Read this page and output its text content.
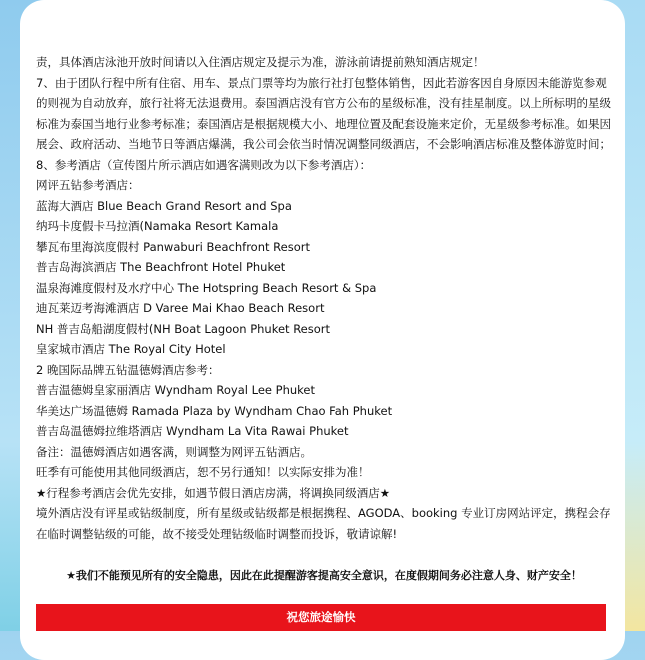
责，具体酒店泳池开放时间请以入住酒店规定及提示为准，游泳前请提前熟知酒店规定！

7、由于团队行程中所有住宿、用车、景点门票等均为旅行社打包整体销售，因此若游客因自身原因未能游览参观的则视为自动放弃，旅行社将无法退费用。泰国酒店没有官方公布的星级标准，没有挂星制度。以上所标明的星级标准为泰国当地行业参考标准；泰国酒店是根据规模大小、地理位置及配套设施来定价，无星级参考标准。如果因展会、政府活动、当地节日等酒店爆满，我公司会依当时情况调整同级酒店，不会影响酒店标准及整体游览时间；

8、参考酒店（宣传图片所示酒店如遇客满则改为以下参考酒店）：

网评五钻参考酒店：

蓝海大酒店 Blue Beach Grand Resort and Spa

纳玛卡度假卡马拉酒(Namaka Resort Kamala

攀瓦布里海滨度假村 Panwaburi Beachfront Resort

普吉岛海滨酒店 The Beachfront Hotel Phuket

温泉海滩度假村及水疗中心 The Hotspring Beach Resort & Spa

迪瓦莱迈考海滩酒店 D Varee Mai Khao Beach Resort

NH 普吉岛船湖度假村(NH Boat Lagoon Phuket Resort

皇家城市酒店 The Royal City Hotel

2 晚国际品牌五钻温德姆酒店参考：

普吉温德姆皇家丽酒店 Wyndham Royal Lee Phuket

华美达广场温德姆 Ramada Plaza by Wyndham Chao Fah Phuket

普吉岛温德姆拉维塔酒店 Wyndham La Vita Rawai Phuket

备注：温德姆酒店如遇客满，则调整为网评五钻酒店。

旺季有可能使用其他同级酒店，恕不另行通知！以实际安排为准！

★行程参考酒店会优先安排，如遇节假日酒店房满，将调换同级酒店★

境外酒店没有评星或钻级制度，所有星级或钻级都是根据携程、AGODA、booking 专业订房网站评定，携程会存在临时调整钻级的可能，故不接受处理钻级临时调整而投诉，敬请谅解!

★我们不能预见所有的安全隐患，因此在此提醒游客提高安全意识，在度假期间务必注意人身、财产安全！
祝您旅途愉快
